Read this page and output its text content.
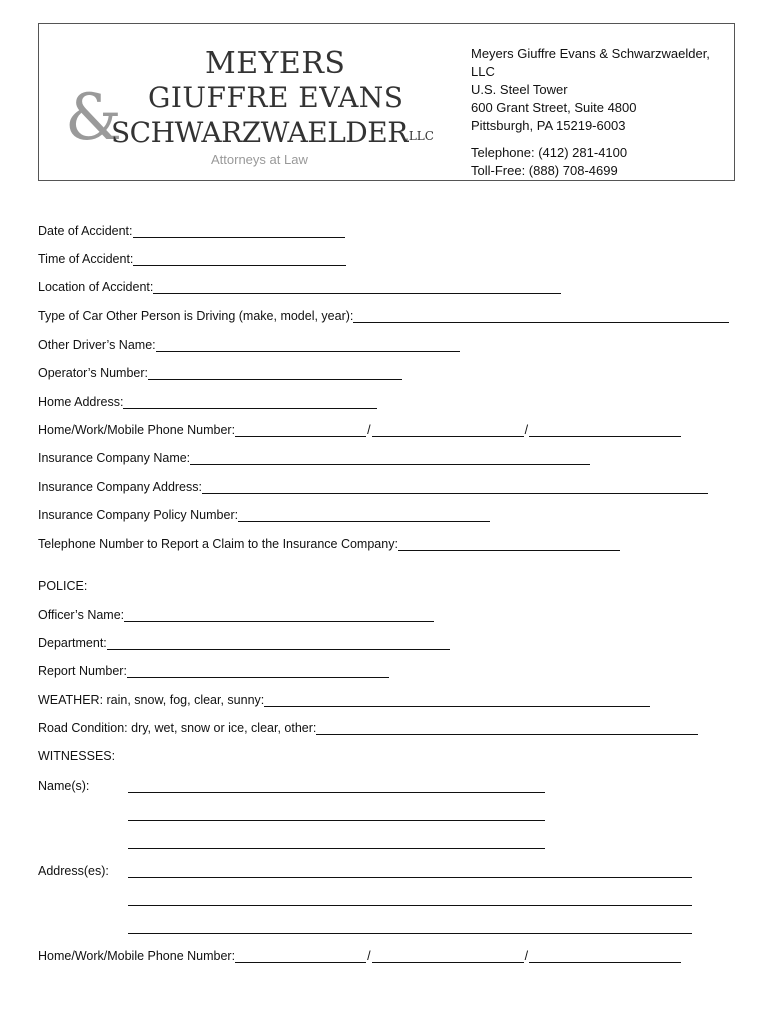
MEYERS
GIUFFRE EVANS
&
SCHWARZWAELDER
,LLC
Attorneys at Law
Meyers Giuffre Evans & Schwarzwaelder, LLC
U.S. Steel Tower
600 Grant Street, Suite 4800
Pittsburgh, PA 15219-6003
Telephone: (412) 281-4100
Toll-Free: (888) 708-4699
Date of Accident:
Time of Accident:
Location of Accident:
Type of Car Other Person is Driving (make, model, year):
Other Driver’s Name:
Operator’s Number:
Home Address:
Home/Work/Mobile Phone Number:	/	/
Insurance Company Name:
Insurance Company Address:
Insurance Company Policy Number:
Telephone Number to Report a Claim to the Insurance Company:
POLICE:
Officer’s Name:
Department:
Report Number:
WEATHER: rain, snow, fog, clear, sunny:
Road Condition: dry, wet, snow or ice, clear, other:
WITNESSES:
Name(s):
Address(es):
Home/Work/Mobile Phone Number:	/	/
